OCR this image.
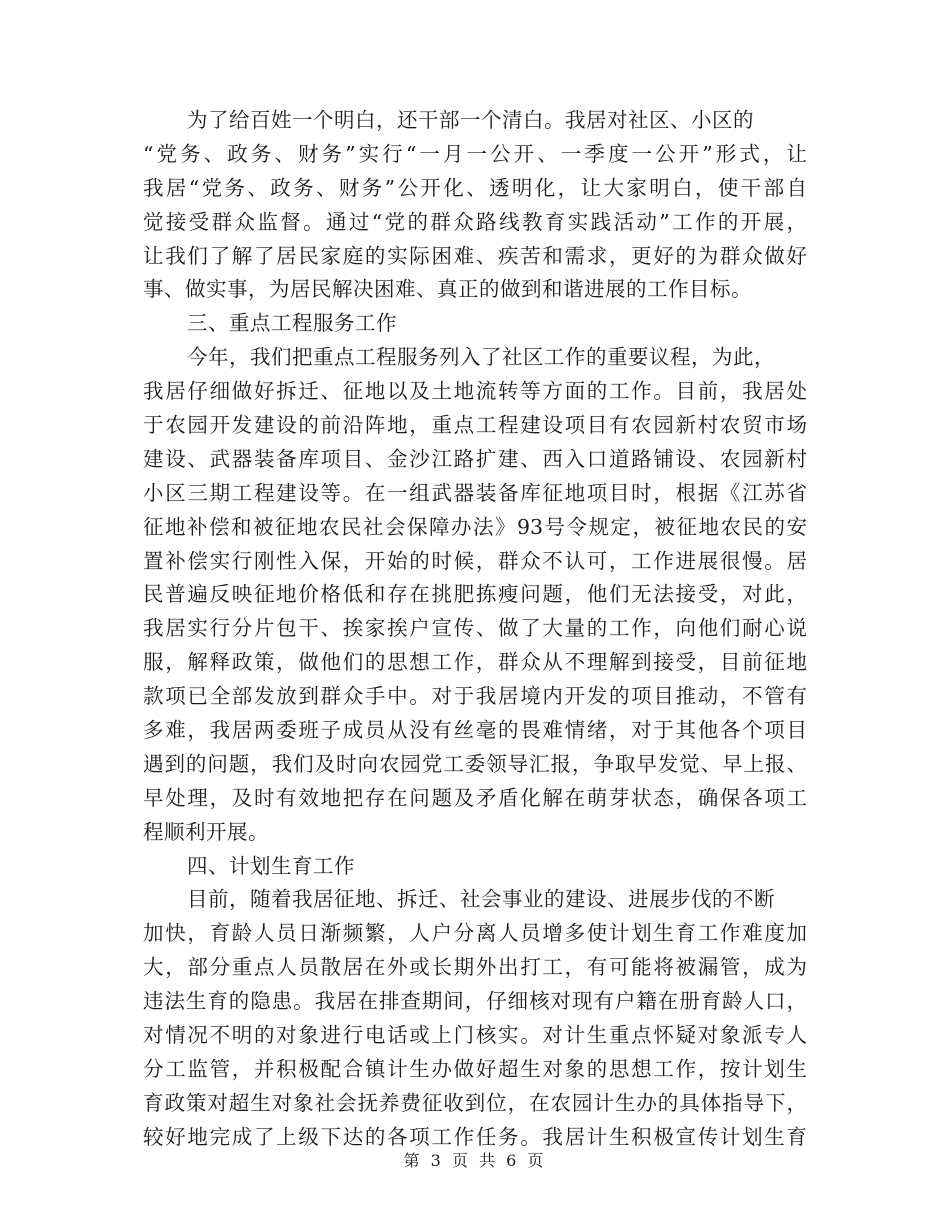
为了给百姓一个明白，还干部一个清白。我居对社区、小区的
“党务、政务、财务”实行“一月一公开、一季度一公开”形式，让
我居“党务、政务、财务”公开化、透明化，让大家明白，使干部自
觉接受群众监督。通过“党的群众路线教育实践活动”工作的开展，
让我们了解了居民家庭的实际困难、疾苦和需求，更好的为群众做好
事、做实事，为居民解决困难、真正的做到和谐进展的工作目标。
三、重点工程服务工作
今年，我们把重点工程服务列入了社区工作的重要议程，为此，
我居仔细做好拆迁、征地以及土地流转等方面的工作。目前，我居处
于农园开发建设的前沿阵地，重点工程建设项目有农园新村农贸市场
建设、武器装备库项目、金沙江路扩建、西入口道路铺设、农园新村
小区三期工程建设等。在一组武器装备库征地项目时，根据《江苏省
征地补偿和被征地农民社会保障办法》93号令规定，被征地农民的安
置补偿实行刚性入保，开始的时候，群众不认可，工作进展很慢。居
民普遍反映征地价格低和存在挑肥拣瘦问题，他们无法接受，对此，
我居实行分片包干、挨家挨户宣传、做了大量的工作，向他们耐心说
服，解释政策，做他们的思想工作，群众从不理解到接受，目前征地
款项已全部发放到群众手中。对于我居境内开发的项目推动，不管有
多难，我居两委班子成员从没有丝毫的畏难情绪，对于其他各个项目
遇到的问题，我们及时向农园党工委领导汇报，争取早发觉、早上报、
早处理，及时有效地把存在问题及矛盾化解在萌芽状态，确保各项工
程顺利开展。
四、计划生育工作
目前，随着我居征地、拆迁、社会事业的建设、进展步伐的不断
加快，育龄人员日渐频繁，人户分离人员增多使计划生育工作难度加
大，部分重点人员散居在外或长期外出打工，有可能将被漏管，成为
违法生育的隐患。我居在排查期间，仔细核对现有户籍在册育龄人口，
对情况不明的对象进行电话或上门核实。对计生重点怀疑对象派专人
分工监管，并积极配合镇计生办做好超生对象的思想工作，按计划生
育政策对超生对象社会抚养费征收到位，在农园计生办的具体指导下，
较好地完成了上级下达的各项工作任务。我居计生积极宣传计划生育
第 3 页 共 6 页
